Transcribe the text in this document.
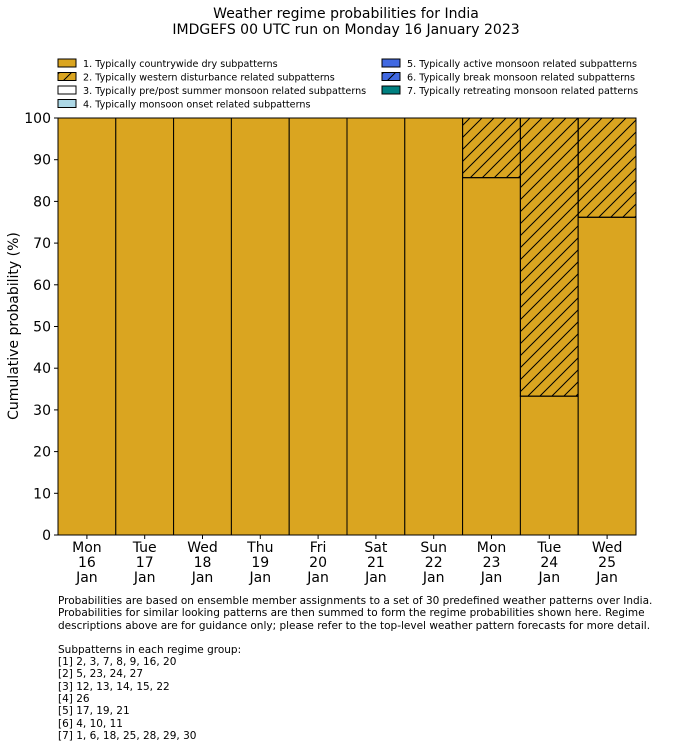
Weather regime probabilities for India
IMDGEFS 00 UTC run on Monday 16 January 2023
1. Typically countrywide dry subpatterns
2. Typically western disturbance related subpatterns
3. Typically pre/post summer monsoon related subpatterns
4. Typically monsoon onset related subpatterns
5. Typically active monsoon related subpatterns
6. Typically break monsoon related subpatterns
7. Typically retreating monsoon related patterns
0
10
20
30
40
50
60
70
80
90
100
Mon
16
Jan
Tue
17
Jan
Wed
18
Jan
Thu
19
Jan
Fri
20
Jan
Sat
21
Jan
Sun
22
Jan
Mon
23
Jan
Tue
24
Jan
Wed
25
Jan
Cumulative probability (%)

Probabilities are based on ensemble member assignments to a set of 30 predefined weather patterns over India.

Probabilities for similar looking patterns are then summed to form the regime probabilities shown here. Regime

descriptions above are for guidance only; please refer to the top-level weather pattern forecasts for more detail.

Subpatterns in each regime group:

[1] 2, 3, 7, 8, 9, 16, 20

[2] 5, 23, 24, 27

[3] 12, 13, 14, 15, 22

[4] 26

[5] 17, 19, 21

[6] 4, 10, 11

[7] 1, 6, 18, 25, 28, 29, 30
